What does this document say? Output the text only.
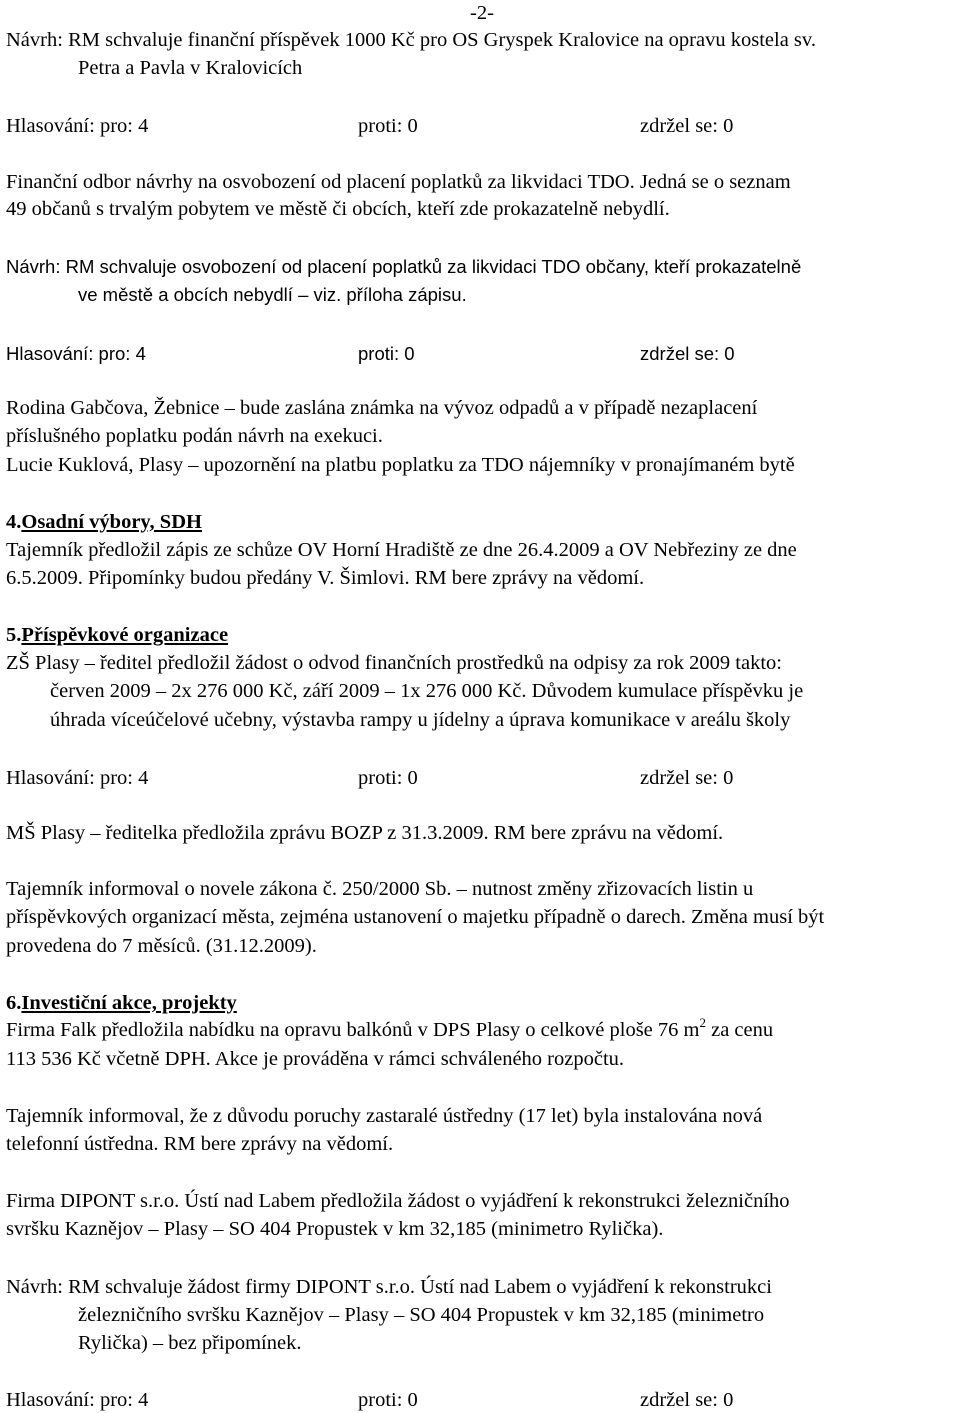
-2-
Návrh: RM schvaluje finanční příspěvek 1000 Kč pro OS Gryspek Kralovice na opravu kostela sv.
Petra a Pavla v Kralovicích
Hlasování: pro: 4	proti: 0	zdržel se: 0
Finanční odbor návrhy na osvobození od placení poplatků za likvidaci TDO. Jedná se o seznam
49 občanů s trvalým pobytem ve městě či obcích, kteří zde prokazatelně nebydlí.
Návrh: RM schvaluje osvobození od placení poplatků za likvidaci TDO občany, kteří prokazatelně
ve městě a obcích nebydlí – viz. příloha zápisu.
Hlasování: pro: 4	proti: 0	zdržel se: 0
Rodina Gabčova, Žebnice – bude zaslána známka na vývoz odpadů a v případě nezaplacení
příslušného poplatku podán návrh na exekuci.
Lucie Kuklová, Plasy – upozornění na platbu poplatku za TDO nájemníky v pronajímaném bytě
4.Osadní výbory, SDH
Tajemník předložil zápis ze schůze OV Horní Hradiště ze dne 26.4.2009 a OV Nebřeziny ze dne
6.5.2009. Připomínky budou předány V. Šimlovi. RM bere zprávy na vědomí.
5.Příspěvkové organizace
ZŠ Plasy – ředitel předložil žádost o odvod finančních prostředků na odpisy za rok 2009 takto:
červen 2009 – 2x 276 000 Kč, září 2009 – 1x 276 000 Kč. Důvodem kumulace příspěvku je
úhrada víceúčelové učebny, výstavba rampy u jídelny a úprava komunikace v areálu školy
Hlasování: pro: 4	proti: 0	zdržel se: 0
MŠ Plasy – ředitelka předložila zprávu BOZP z 31.3.2009. RM bere zprávu na vědomí.
Tajemník informoval o novele zákona č. 250/2000 Sb. – nutnost změny zřizovacích listin u
příspěvkových organizací města, zejména ustanovení o majetku případně o darech. Změna musí být
provedena do 7 měsíců. (31.12.2009).
6.Investiční akce, projekty
Firma Falk předložila nabídku na opravu balkónů v DPS Plasy o celkové ploše 76 $m^2$ za cenu
113 536 Kč včetně DPH. Akce je prováděna v rámci schváleného rozpočtu.
Tajemník informoval, že z důvodu poruchy zastaralé ústředny (17 let) byla instalována nová
telefonní ústředna. RM bere zprávy na vědomí.
Firma DIPONT s.r.o. Ústí nad Labem předložila žádost o vyjádření k rekonstrukci železničního
svršku Kaznějov – Plasy – SO 404 Propustek v km 32,185 (minimetro Rylička).
Návrh: RM schvaluje žádost firmy DIPONT s.r.o. Ústí nad Labem o vyjádření k rekonstrukci
železničního svršku Kaznějov – Plasy – SO 404 Propustek v km 32,185 (minimetro
Rylička) – bez připomínek.
Hlasování: pro: 4	proti: 0	zdržel se: 0
